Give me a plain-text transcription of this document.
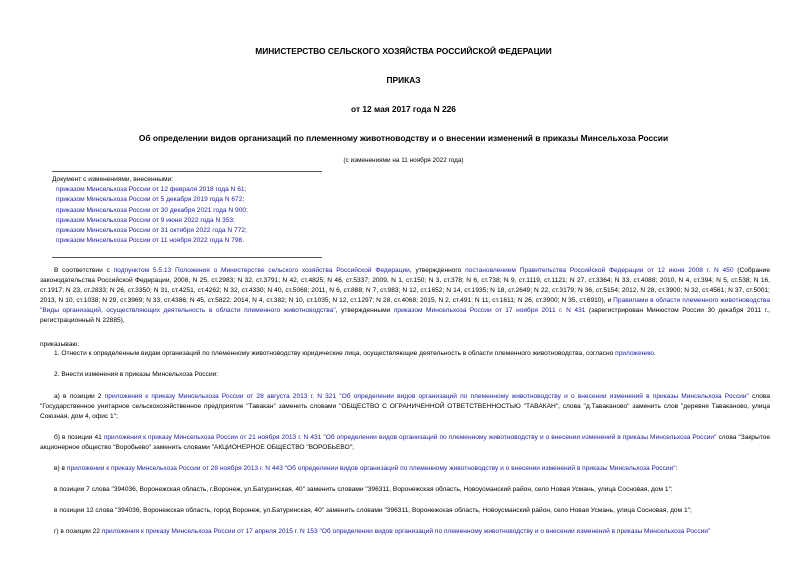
МИНИСТЕРСТВО СЕЛЬСКОГО ХОЗЯЙСТВА РОССИЙСКОЙ ФЕДЕРАЦИИ
ПРИКАЗ
от 12 мая 2017 года N 226
Об определении видов организаций по племенному животноводству и о внесении изменений в приказы Минсельхоза России
(с изменениями на 11 ноября 2022 года)
Документ с изменениями, внесенными:
приказом Минсельхоза России от 12 февраля 2018 года N 61;
приказом Минсельхоза России от 5 декабря 2019 года N 672;
приказом Минсельхоза России от 30 декабря 2021 года N 900;
приказом Минсельхоза России от 9 июня 2022 года N 353;
приказом Минсельхоза России от 31 октября 2022 года N 772;
приказом Минсельхоза России от 11 ноября 2022 года N 798.
В соответствии с подпунктом 5.5.13 Положения о Министерстве сельского хозяйства Российской Федерации, утвержденного постановлением Правительства Российской Федерации от 12 июня 2008 г. N 450 (Собрание законодательства Российской Федерации, 2008, N 25, ст.2983; N 32, ст.3791; N 42, ст.4825; N 46, ст.5337; 2009, N 1, ст.150; N 3, ст.378; N 6, ст.738; N 9, ст.1119, ст.1121; N 27, ст.3364; N 33, ст.4088; 2010, N 4, ст.394; N 5, ст.538; N 16, ст.1917; N 23, ст.2833; N 26, ст.3350; N 31, ст.4251, ст.4262; N 32, ст.4330; N 40, ст.5068; 2011, N 6, ст.888; N 7, ст.983; N 12, ст.1652; N 14, ст.1935; N 18, ст.2649; N 22, ст.3179; N 36, ст.5154; 2012, N 28, ст.3900; N 32, ст.4561; N 37, ст.5001; 2013, N 10, ст.1038; N 29, ст.3969; N 33, ст.4386; N 45, ст.5822; 2014, N 4, ст.382; N 10, ст.1035; N 12, ст.1297; N 28, ст.4068; 2015, N 2, ст.491; N 11, ст.1611; N 26, ст.3900; N 35, ст.6910), и Правилами в области племенного животноводства "Виды организаций, осуществляющих деятельность в области племенного животноводства", утвержденными приказом Минсельхоза России от 17 ноября 2011 г. N 431 (зарегистрирован Минюстом России 30 декабря 2011 г., регистрационный N 22885),
приказываю:
1. Отнести к определенным видам организаций по племенному животноводству юридические лица, осуществляющие деятельность в области племенного животноводства, согласно приложению.
2. Внести изменения в приказы Минсельхоза России:
а) в позиции 2 приложения к приказу Минсельхоза России от 28 августа 2013 г. N 321 "Об определении видов организаций по племенному животноводству и о внесении изменений в приказы Минсельхоза России" слова "Государственное унитарное сельскохозяйственное предприятие "Тавакан" заменить словами "ОБЩЕСТВО С ОГРАНИЧЕННОЙ ОТВЕТСТВЕННОСТЬЮ "ТАВАКАН", слова "д.Таваканово" заменить слов "деревня Таваканово, улица Союзная, дом 4, офис 1";
б) в позиции 41 приложения к приказу Минсельхоза России от 21 ноября 2013 г. N 431 "Об определении видов организаций по племенному животноводству и о внесении изменений в приказы Минсельхоза России" слова "Закрытое акционерное общество "Воробьево" заменить словами "АКЦИОНЕРНОЕ ОБЩЕСТВО "ВОРОБЬЕВО";
в) в приложении к приказу Минсельхоза России от 28 ноября 2013 г. N 443 "Об определении видов организаций по племенному животноводству и о внесении изменений в приказы Минсельхоза России":
в позиции 7 слова "394036, Воронежская область, г.Воронеж, ул.Батуринская, 40" заменить словами "396311, Воронежская область, Новоусманский район, село Новая Усмань, улица Сосновая, дом 1";
в позиции 12 слова "394036, Воронежская область, город Воронеж, ул.Батуринская, 40" заменить словами "396311, Воронежская область, Новоусманский район, село Новая Усмань, улица Сосновая, дом 1";
г) в позиции 22 приложения к приказу Минсельхоза России от 17 апреля 2015 г. N 153 "Об определении видов организаций по племенному животноводству и о внесении изменений в приказы Минсельхоза России"
